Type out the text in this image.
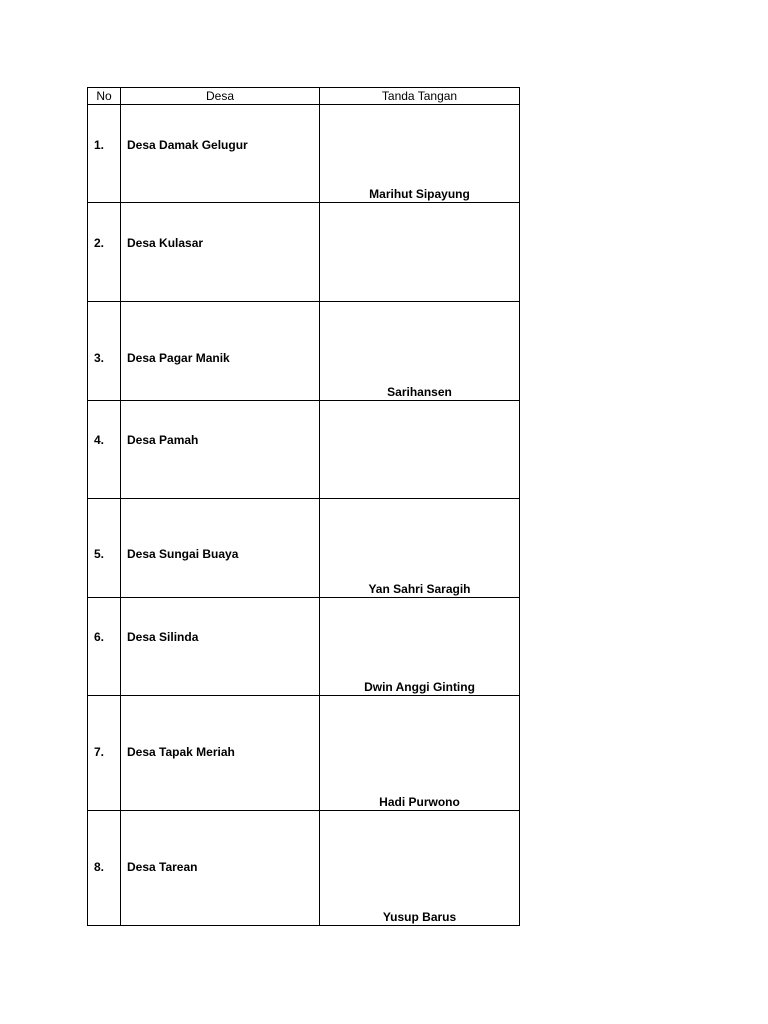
No	Desa	Tanda Tangan

1.	Desa Damak Gelugur	Marihut Sipayung

2.	Desa Kulasar	

3.	Desa Pagar Manik	Sarihansen

4.	Desa Pamah	

5.	Desa Sungai Buaya	Yan Sahri Saragih

6.	Desa Silinda	Dwin Anggi Ginting

7.	Desa Tapak Meriah	Hadi Purwono

8.	Desa Tarean	Yusup Barus
